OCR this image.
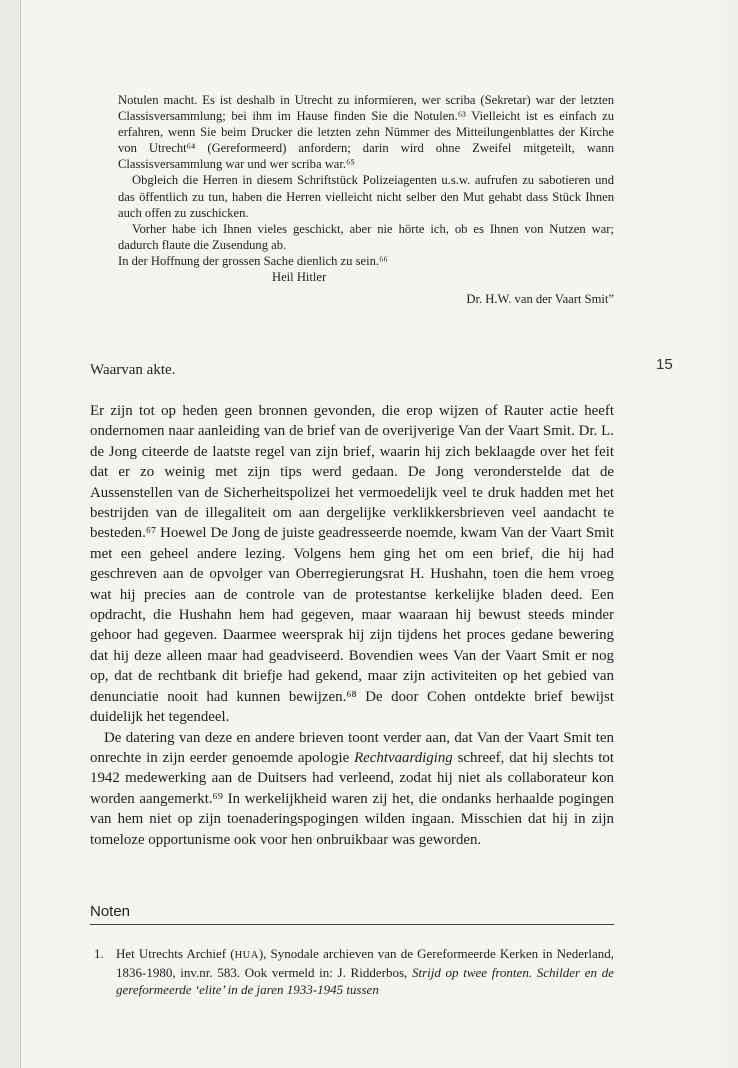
Notulen macht. Es ist deshalb in Utrecht zu informieren, wer scriba (Sekretar) war der letzten Classisversammlung; bei ihm im Hause finden Sie die Notulen.⁶³ Vielleicht ist es einfach zu erfahren, wenn Sie beim Drucker die letzten zehn Nümmer des Mitteilungenblattes der Kirche von Utrecht⁶⁴ (Gereformeerd) anfordern; darin wird ohne Zweifel mitgeteilt, wann Classisversammlung war und wer scriba war.⁶⁵

Obgleich die Herren in diesem Schriftstück Polizeiagenten u.s.w. aufrufen zu sabotieren und das öffentlich zu tun, haben die Herren vielleicht nicht selber den Mut gehabt dass Stück Ihnen auch offen zu zuschicken.

Vorher habe ich Ihnen vieles geschickt, aber nie hörte ich, ob es Ihnen von Nutzen war; dadurch flaute die Zusendung ab.

In der Hoffnung der grossen Sache dienlich zu sein.⁶⁶

Heil Hitler

Dr. H.W. van der Vaart Smit”

Waarvan akte.	15

Er zijn tot op heden geen bronnen gevonden, die erop wijzen of Rauter actie heeft ondernomen naar aanleiding van de brief van de overijverige Van der Vaart Smit. Dr. L. de Jong citeerde de laatste regel van zijn brief, waarin hij zich beklaagde over het feit dat er zo weinig met zijn tips werd gedaan. De Jong veronderstelde dat de Aussenstellen van de Sicherheitspolizei het vermoedelijk veel te druk hadden met het bestrijden van de illegaliteit om aan dergelijke verklikkersbrieven veel aandacht te besteden.⁶⁷ Hoewel De Jong de juiste geadresseerde noemde, kwam Van der Vaart Smit met een geheel andere lezing. Volgens hem ging het om een brief, die hij had geschreven aan de opvolger van Oberregierungsrat H. Hushahn, toen die hem vroeg wat hij precies aan de controle van de protestantse kerkelijke bladen deed. Een opdracht, die Hushahn hem had gegeven, maar waaraan hij bewust steeds minder gehoor had gegeven. Daarmee weersprak hij zijn tijdens het proces gedane bewering dat hij deze alleen maar had geadviseerd. Bovendien wees Van der Vaart Smit er nog op, dat de rechtbank dit briefje had gekend, maar zijn activiteiten op het gebied van denunciatie nooit had kunnen bewijzen.⁶⁸ De door Cohen ontdekte brief bewijst duidelijk het tegendeel.

De datering van deze en andere brieven toont verder aan, dat Van der Vaart Smit ten onrechte in zijn eerder genoemde apologie Rechtvaardiging schreef, dat hij slechts tot 1942 medewerking aan de Duitsers had verleend, zodat hij niet als collaborateur kon worden aangemerkt.⁶⁹ In werkelijkheid waren zij het, die ondanks herhaalde pogingen van hem niet op zijn toenaderingspogingen wilden ingaan. Misschien dat hij in zijn tomeloze opportunisme ook voor hen onbruikbaar was geworden.

Noten
1. Het Utrechts Archief (HUA), Synodale archieven van de Gereformeerde Kerken in Nederland, 1836-1980, inv.nr. 583. Ook vermeld in: J. Ridderbos, Strijd op twee fronten. Schilder en de gereformeerde ‘elite’ in de jaren 1933-1945 tussen
